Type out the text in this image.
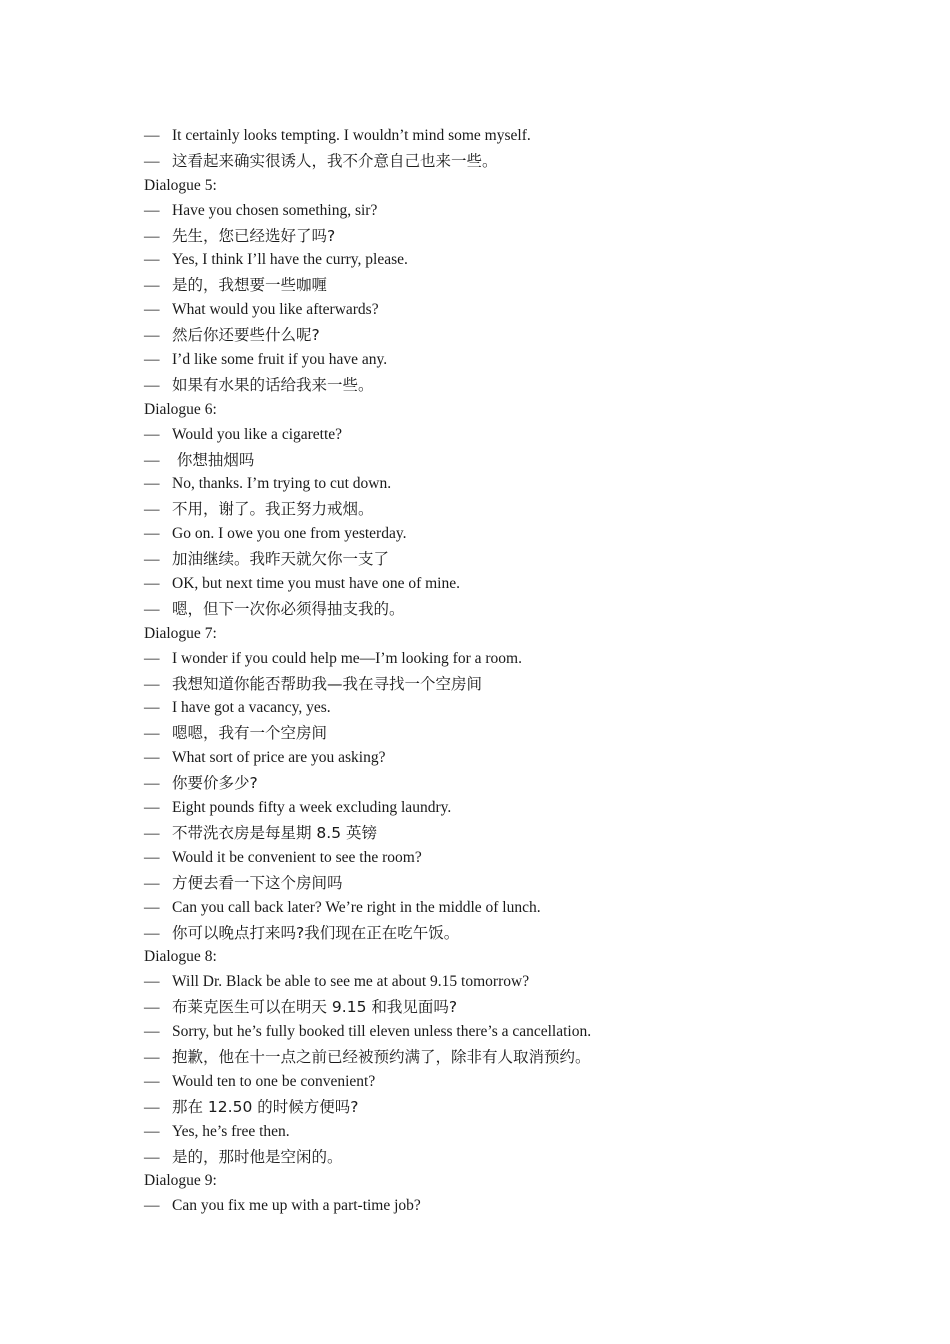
— It certainly looks tempting. I wouldn’t mind some myself.
— 这看起来确实很诱人，我不介意自己也来一些。
Dialogue 5:
— Have you chosen something, sir?
— 先生，您已经选好了吗?
— Yes, I think I’ll have the curry, please.
— 是的，我想要一些咖喱
— What would you like afterwards?
— 然后你还要些什么呢?
— I’d like some fruit if you have any.
— 如果有水果的话给我来一些。
Dialogue 6:
— Would you like a cigarette?
— 你想抽烟吗
— No, thanks. I’m trying to cut down.
— 不用，谢了。我正努力戒烟。
— Go on. I owe you one from yesterday.
— 加油继续。我昨天就欠你一支了
— OK, but next time you must have one of mine.
— 嗯，但下一次你必须得抽支我的。
Dialogue 7:
— I wonder if you could help me—I’m looking for a room.
— 我想知道你能否帮助我—我在寻找一个空房间
— I have got a vacancy, yes.
— 嗯嗯，我有一个空房间
— What sort of price are you asking?
— 你要价多少?
— Eight pounds fifty a week excluding laundry.
— 不带洗衣房是每星期 8.5 英镑
— Would it be convenient to see the room?
— 方便去看一下这个房间吗
— Can you call back later? We’re right in the middle of lunch.
— 你可以晚点打来吗?我们现在正在吃午饭。
Dialogue 8:
— Will Dr. Black be able to see me at about 9.15 tomorrow?
— 布莱克医生可以在明天 9.15 和我见面吗?
— Sorry, but he’s fully booked till eleven unless there’s a cancellation.
— 抱歉，他在十一点之前已经被预约满了，除非有人取消预约。
— Would ten to one be convenient?
— 那在 12.50 的时候方便吗?
— Yes, he’s free then.
— 是的，那时他是空闲的。
Dialogue 9:
— Can you fix me up with a part-time job?
